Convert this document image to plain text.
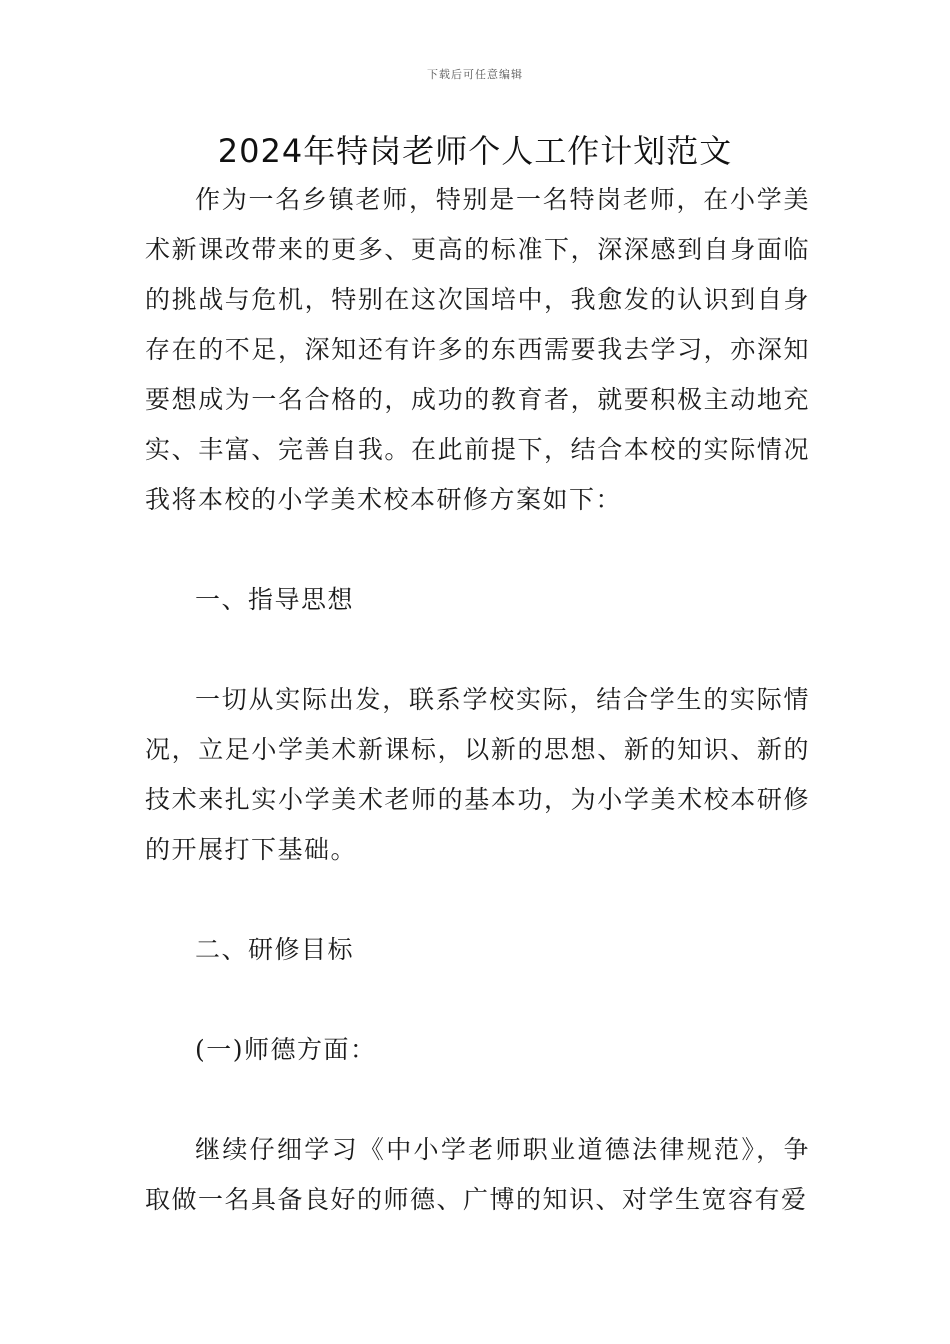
下载后可任意编辑
2024年特岗老师个人工作计划范文

作为一名乡镇老师，特别是一名特岗老师，在小学美术新课改带来的更多、更高的标准下，深深感到自身面临的挑战与危机，特别在这次国培中，我愈发的认识到自身存在的不足，深知还有许多的东西需要我去学习，亦深知要想成为一名合格的，成功的教育者，就要积极主动地充实、丰富、完善自我。在此前提下，结合本校的实际情况我将本校的小学美术校本研修方案如下：

一、指导思想

一切从实际出发，联系学校实际，结合学生的实际情况，立足小学美术新课标，以新的思想、新的知识、新的技术来扎实小学美术老师的基本功，为小学美术校本研修的开展打下基础。

二、研修目标

(一)师德方面：

继续仔细学习《中小学老师职业道德法律规范》，争取做一名具备良好的师德、广博的知识、对学生宽容有爱
